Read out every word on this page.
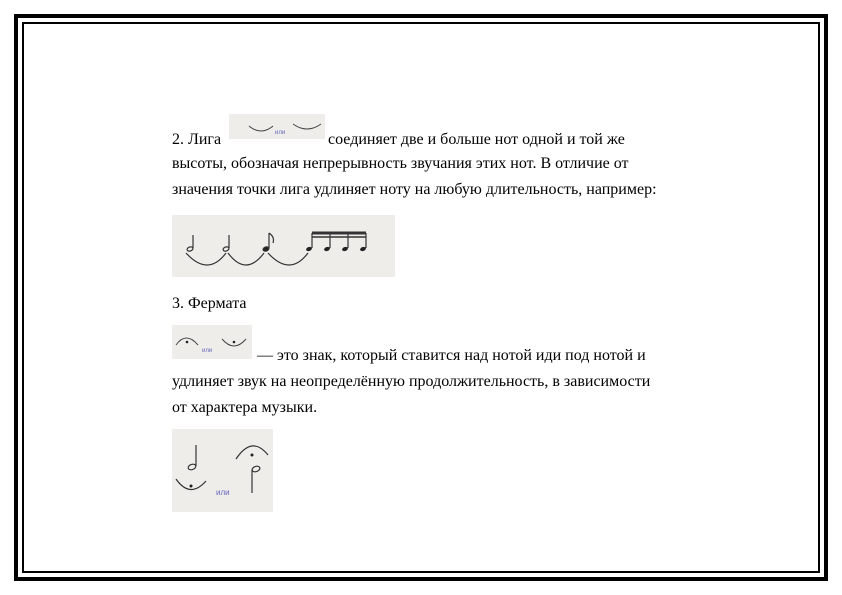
2. Лига	или	соединяет две и больше нот одной и той же
высоты, обозначая непрерывность звучания этих нот. В отличие от
значения точки лига удлиняет ноту на любую длительность, например:
3. Фермата
или	— это знак, который ставится над нотой иди под нотой и
удлиняет звук на неопределённую продолжительность, в зависимости
от характера музыки.
или
